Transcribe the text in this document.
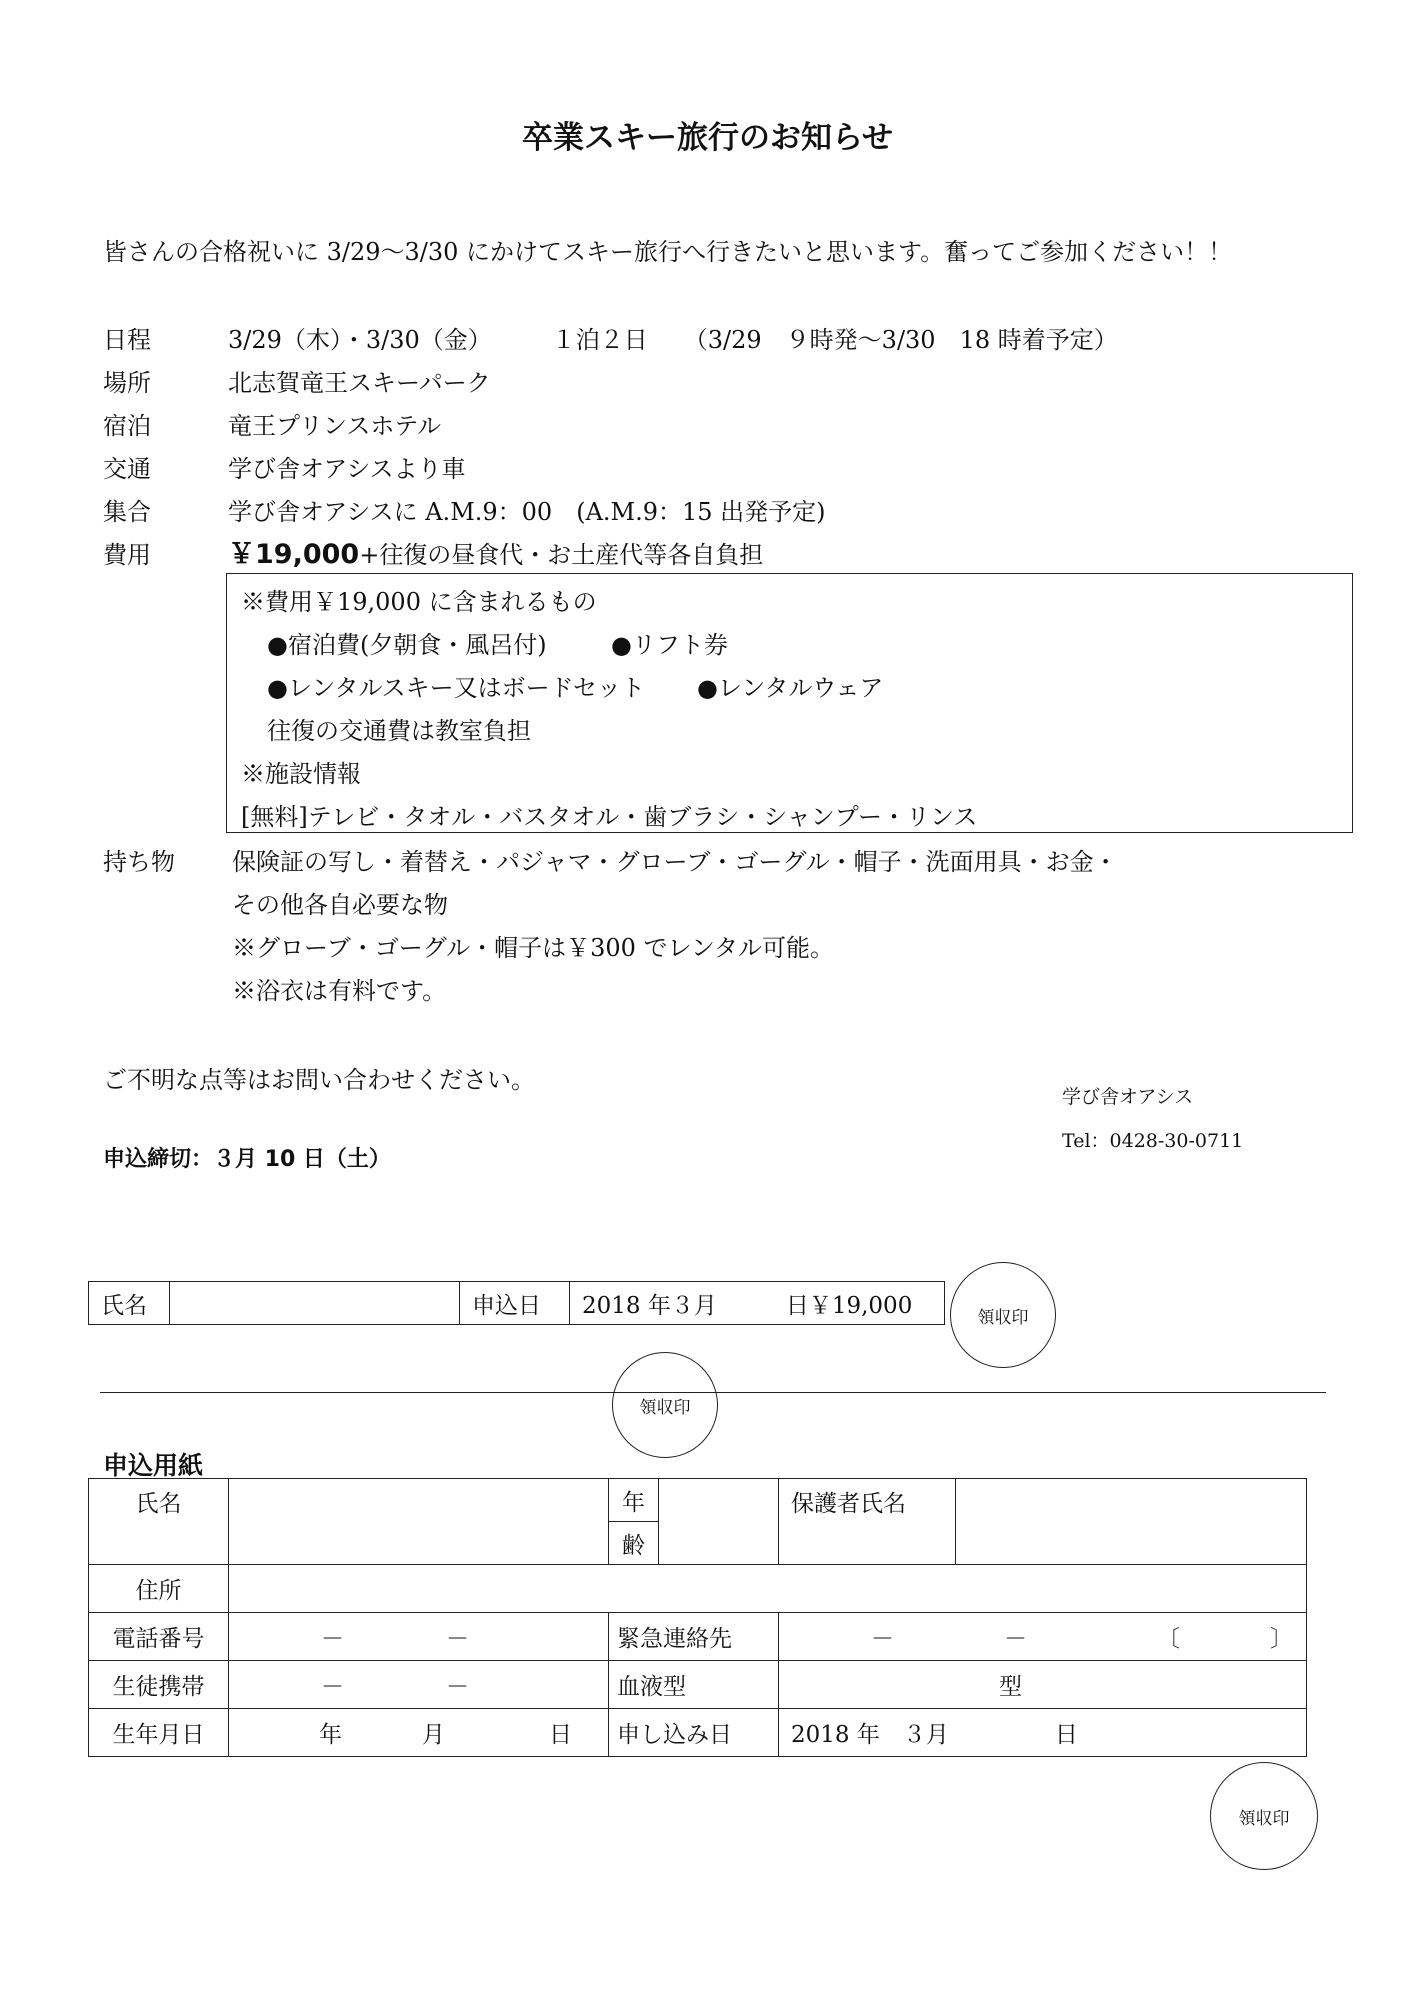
卒業スキー旅行のお知らせ
皆さんの合格祝いに 3/29～3/30 にかけてスキー旅行へ行きたいと思います。奮ってご参加ください！！
日程	3/29（木）・3/30（金）　　　１泊２日　　（3/29　９時発～3/30　18 時着予定）
場所	北志賀竜王スキーパーク
宿泊	竜王プリンスホテル
交通	学び舎オアシスより車
集合	学び舎オアシスに A.M.9：00　(A.M.9：15 出発予定)
費用	￥19,000+往復の昼食代・お土産代等各自負担
※費用￥19,000 に含まれるもの
●宿泊費(夕朝食・風呂付)	●リフト券
●レンタルスキー又はボードセット ●レンタルウェア
往復の交通費は教室負担
※施設情報
[無料]テレビ・タオル・バスタオル・歯ブラシ・シャンプー・リンス
持ち物 保険証の写し・着替え・パジャマ・グローブ・ゴーグル・帽子・洗面用具・お金・
その他各自必要な物
※グローブ・ゴーグル・帽子は￥300 でレンタル可能。
※浴衣は有料です。
ご不明な点等はお問い合わせください。
学び舎オアシス
Tel：0428-30-0711
申込締切：３月 10 日（土）
氏名		申込日	2018 年３月　　　日￥19,000	領収印
領収印
申込用紙
氏名		年		保護者氏名	
		齢			
住所					
電話番号	－ －	緊急連絡先		－ － 〔 〕	
生徒携帯	－ －	血液型		型	
生年月日	年 月 日	申し込み日		2018 年　３月 日	
領収印
